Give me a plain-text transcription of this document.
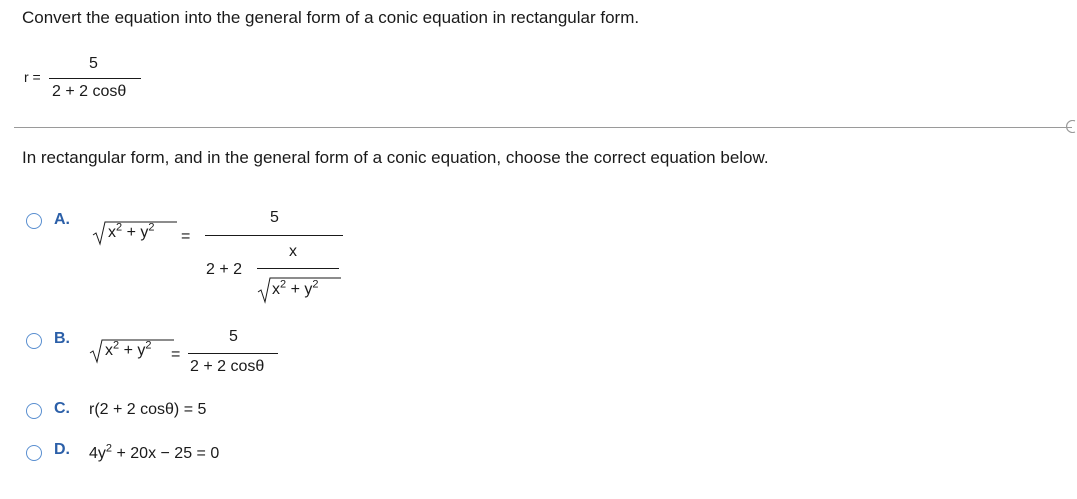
Convert the equation into the general form of a conic equation in rectangular form.
r =
5
2 + 2 cosθ
In rectangular form, and in the general form of a conic equation, choose the correct equation below.
A.
$x^2 + y^2$
=
5
2 + 2
x
$x^2 + y^2$
B.
$x^2 + y^2$
=
5
2 + 2 cosθ
C. r(2 + 2 cosθ) = 5
D. $4y^2 + 20x - 25 = 0$
